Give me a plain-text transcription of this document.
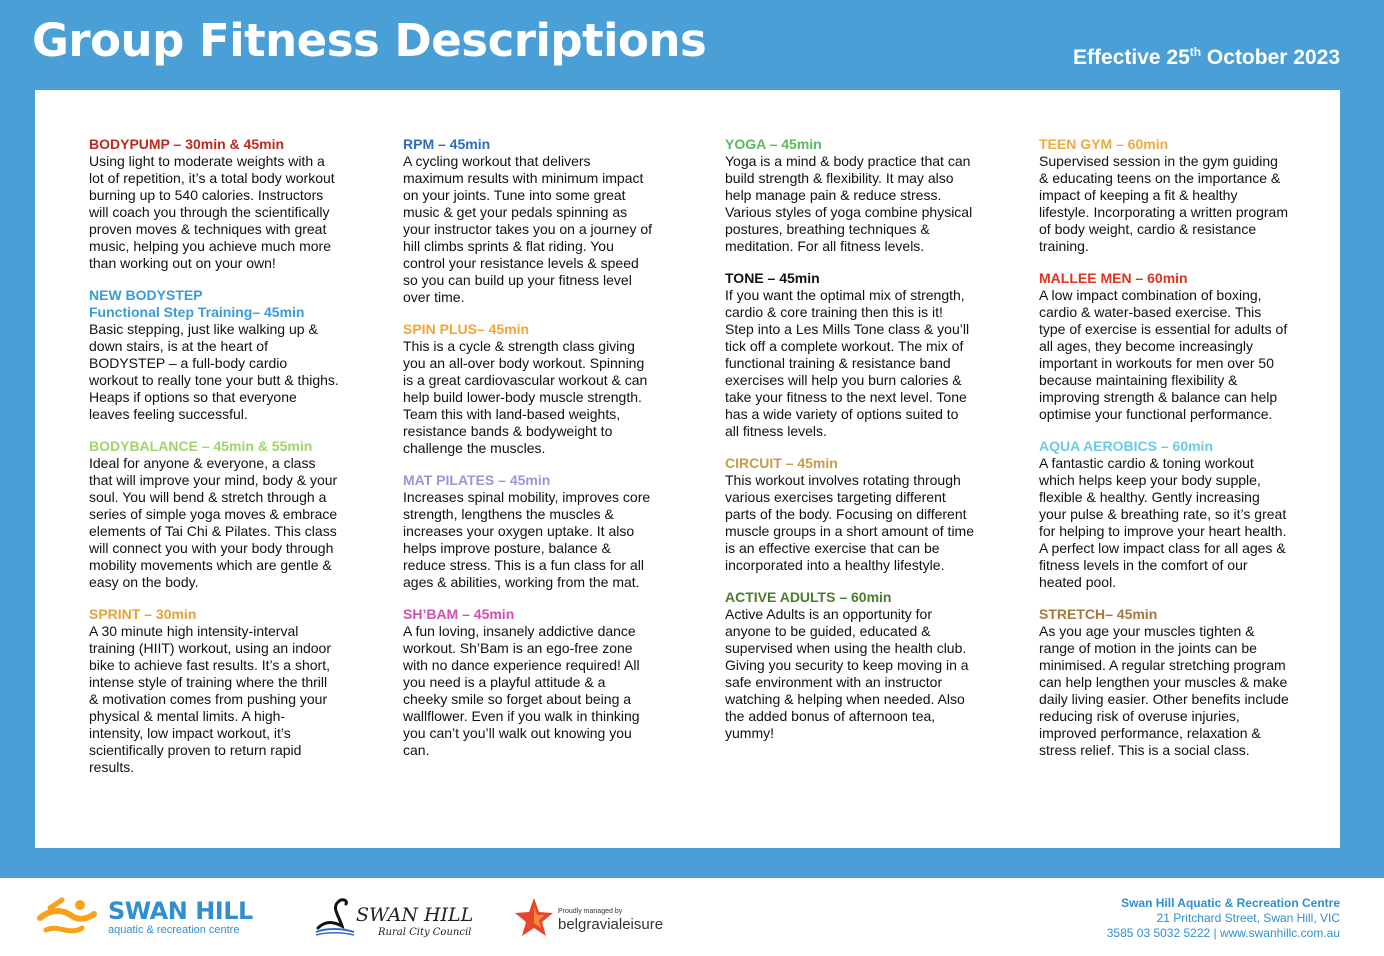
Group Fitness Descriptions	Effective 25th October 2023
BODYPUMP – 30min & 45min

Using light to moderate weights with a lot of repetition, it’s a total body workout burning up to 540 calories. Instructors will coach you through the scientifically proven moves & techniques with great music, helping you achieve much more than working out on your own!

NEW BODYSTEP
Functional Step Training– 45min

Basic stepping, just like walking up & down stairs, is at the heart of BODYSTEP – a full-body cardio workout to really tone your butt & thighs. Heaps if options so that everyone leaves feeling successful.

BODYBALANCE – 45min & 55min

Ideal for anyone & everyone, a class that will improve your mind, body & your soul. You will bend & stretch through a series of simple yoga moves & embrace elements of Tai Chi & Pilates. This class will connect you with your body through mobility movements which are gentle & easy on the body.

SPRINT – 30min

A 30 minute high intensity-interval training (HIIT) workout, using an indoor bike to achieve fast results. It’s a short, intense style of training where the thrill & motivation comes from pushing your physical & mental limits. A high-intensity, low impact workout, it’s scientifically proven to return rapid results.

RPM – 45min

A cycling workout that delivers maximum results with minimum impact on your joints. Tune into some great music & get your pedals spinning as your instructor takes you on a journey of hill climbs sprints & flat riding. You control your resistance levels & speed so you can build up your fitness level over time.

SPIN PLUS– 45min

This is a cycle & strength class giving you an all-over body workout. Spinning is a great cardiovascular workout & can help build lower-body muscle strength. Team this with land-based weights, resistance bands & bodyweight to challenge the muscles.

MAT PILATES – 45min

Increases spinal mobility, improves core strength, lengthens the muscles & increases your oxygen uptake. It also helps improve posture, balance & reduce stress. This is a fun class for all ages & abilities, working from the mat.

SH’BAM – 45min

A fun loving, insanely addictive dance workout. Sh’Bam is an ego-free zone with no dance experience required! All you need is a playful attitude & a cheeky smile so forget about being a wallflower. Even if you walk in thinking you can’t you’ll walk out knowing you can.

YOGA – 45min

Yoga is a mind & body practice that can build strength & flexibility. It may also help manage pain & reduce stress. Various styles of yoga combine physical postures, breathing techniques & meditation. For all fitness levels.

TONE – 45min

If you want the optimal mix of strength, cardio & core training then this is it! Step into a Les Mills Tone class & you’ll tick off a complete workout. The mix of functional training & resistance band exercises will help you burn calories & take your fitness to the next level. Tone has a wide variety of options suited to all fitness levels.

CIRCUIT – 45min

This workout involves rotating through various exercises targeting different parts of the body. Focusing on different muscle groups in a short amount of time is an effective exercise that can be incorporated into a healthy lifestyle.

ACTIVE ADULTS – 60min

Active Adults is an opportunity for anyone to be guided, educated & supervised when using the health club. Giving you security to keep moving in a safe environment with an instructor watching & helping when needed. Also the added bonus of afternoon tea, yummy!

TEEN GYM – 60min

Supervised session in the gym guiding & educating teens on the importance & impact of keeping a fit & healthy lifestyle. Incorporating a written program of body weight, cardio & resistance training.

MALLEE MEN – 60min

A low impact combination of boxing, cardio & water-based exercise. This type of exercise is essential for adults of all ages, they become increasingly important in workouts for men over 50 because maintaining flexibility & improving strength & balance can help optimise your functional performance.

AQUA AEROBICS – 60min

A fantastic cardio & toning workout which helps keep your body supple, flexible & healthy. Gently increasing your pulse & breathing rate, so it’s great for helping to improve your heart health. A perfect low impact class for all ages & fitness levels in the comfort of our heated pool.

STRETCH– 45min

As you age your muscles tighten & range of motion in the joints can be minimised. A regular stretching program can help lengthen your muscles & make daily living easier. Other benefits include reducing risk of overuse injuries, improved performance, relaxation & stress relief. This is a social class.

SWAN HILL
aquatic & recreation centre
SWAN HILL
Rural City Council
Proudly managed by
belgravialeisure
Swan Hill Aquatic & Recreation Centre
21 Pritchard Street, Swan Hill, VIC
3585 03 5032 5222 | www.swanhillc.com.au
